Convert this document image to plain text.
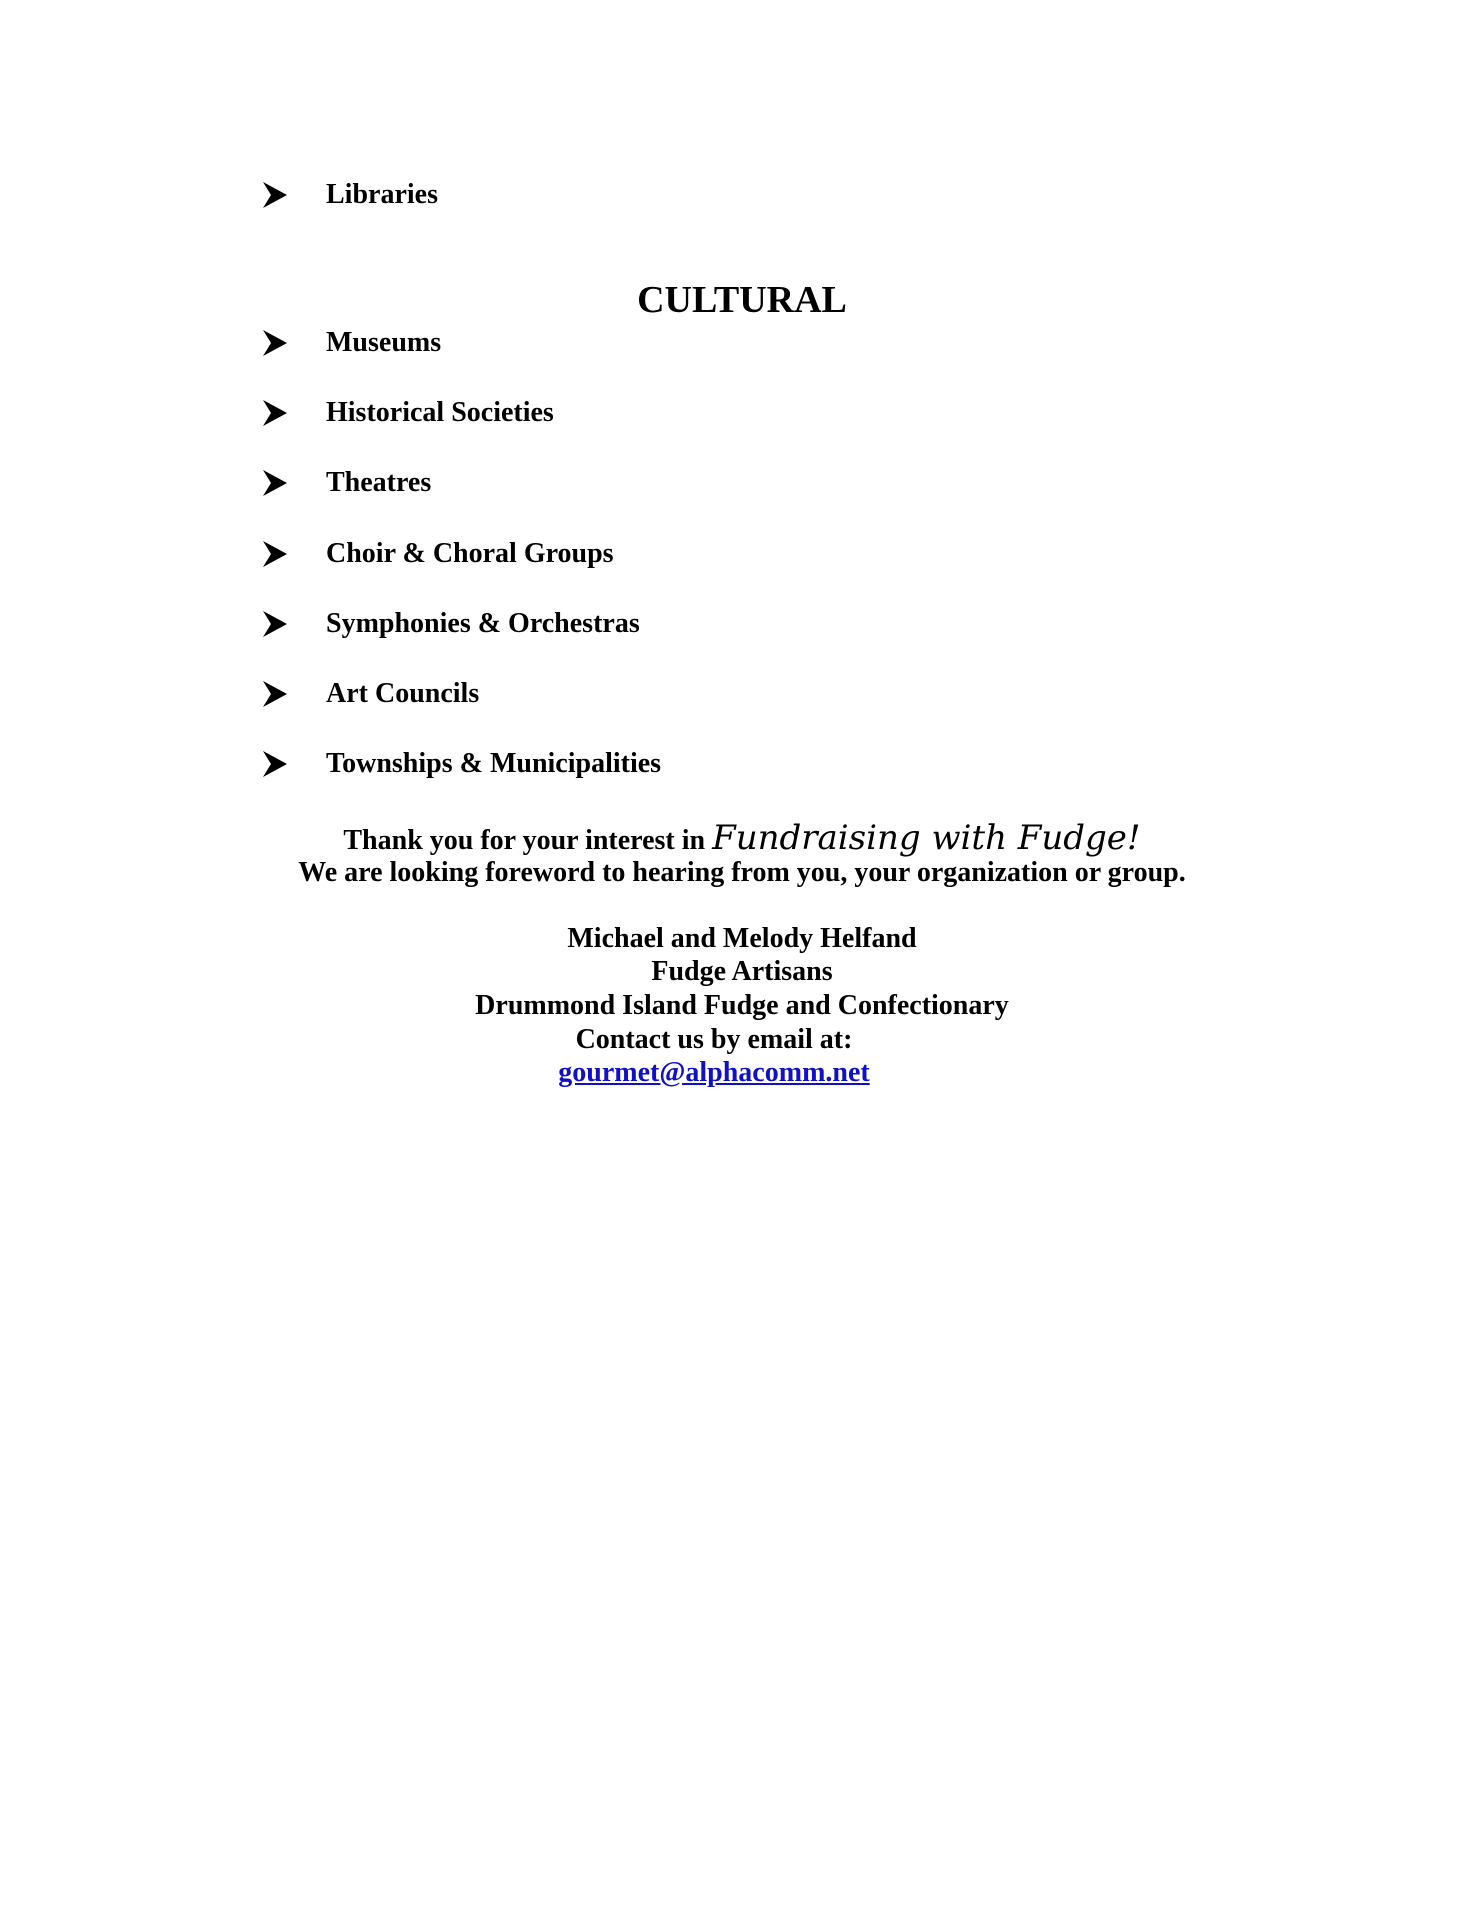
Libraries
CULTURAL
Museums
Historical Societies
Theatres
Choir & Choral Groups
Symphonies & Orchestras
Art Councils
Townships & Municipalities
Thank you for your interest in Fundraising with Fudge!
We are looking foreword to hearing from you, your organization or group.
Michael and Melody Helfand
Fudge Artisans
Drummond Island Fudge and Confectionary
Contact us by email at:
gourmet@alphacomm.net
